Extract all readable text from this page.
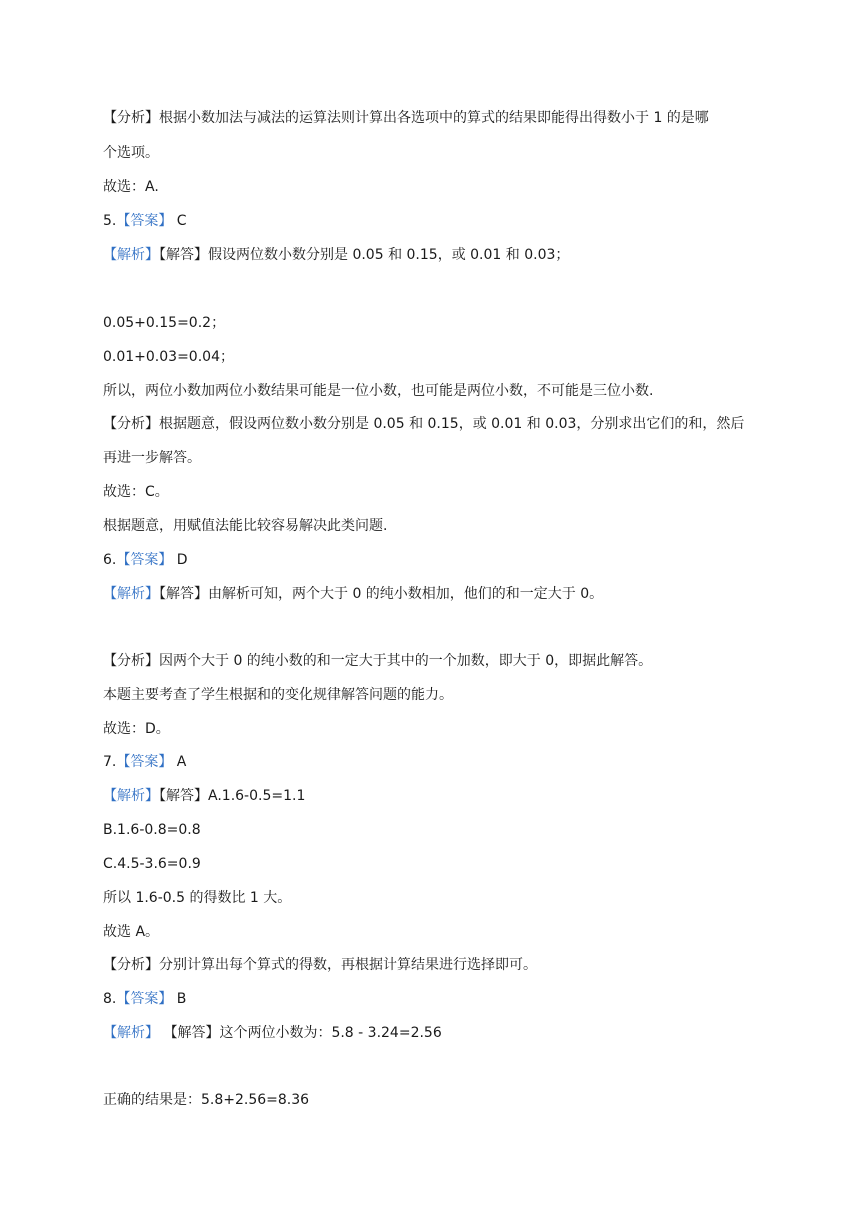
【分析】根据小数加法与减法的运算法则计算出各选项中的算式的结果即能得出得数小于 1 的是哪
个选项。
故选：A.
5.【答案】 C
【解析】【解答】假设两位数小数分别是 0.05 和 0.15，或 0.01 和 0.03；
0.05+0.15=0.2；
0.01+0.03=0.04；
所以，两位小数加两位小数结果可能是一位小数，也可能是两位小数，不可能是三位小数.
【分析】根据题意，假设两位数小数分别是 0.05 和 0.15，或 0.01 和 0.03，分别求出它们的和，然后
再进一步解答。
故选：C。
根据题意，用赋值法能比较容易解决此类问题.
6.【答案】 D
【解析】【解答】由解析可知，两个大于 0 的纯小数相加，他们的和一定大于 0。
【分析】因两个大于 0 的纯小数的和一定大于其中的一个加数，即大于 0，即据此解答。
本题主要考查了学生根据和的变化规律解答问题的能力。
故选：D。
7.【答案】 A
【解析】【解答】A.1.6-0.5=1.1
B.1.6-0.8=0.8
C.4.5-3.6=0.9
所以 1.6-0.5 的得数比 1 大。
故选 A。
【分析】分别计算出每个算式的得数，再根据计算结果进行选择即可。
8.【答案】 B
【解析】 【解答】这个两位小数为：5.8 - 3.24=2.56
正确的结果是：5.8+2.56=8.36
